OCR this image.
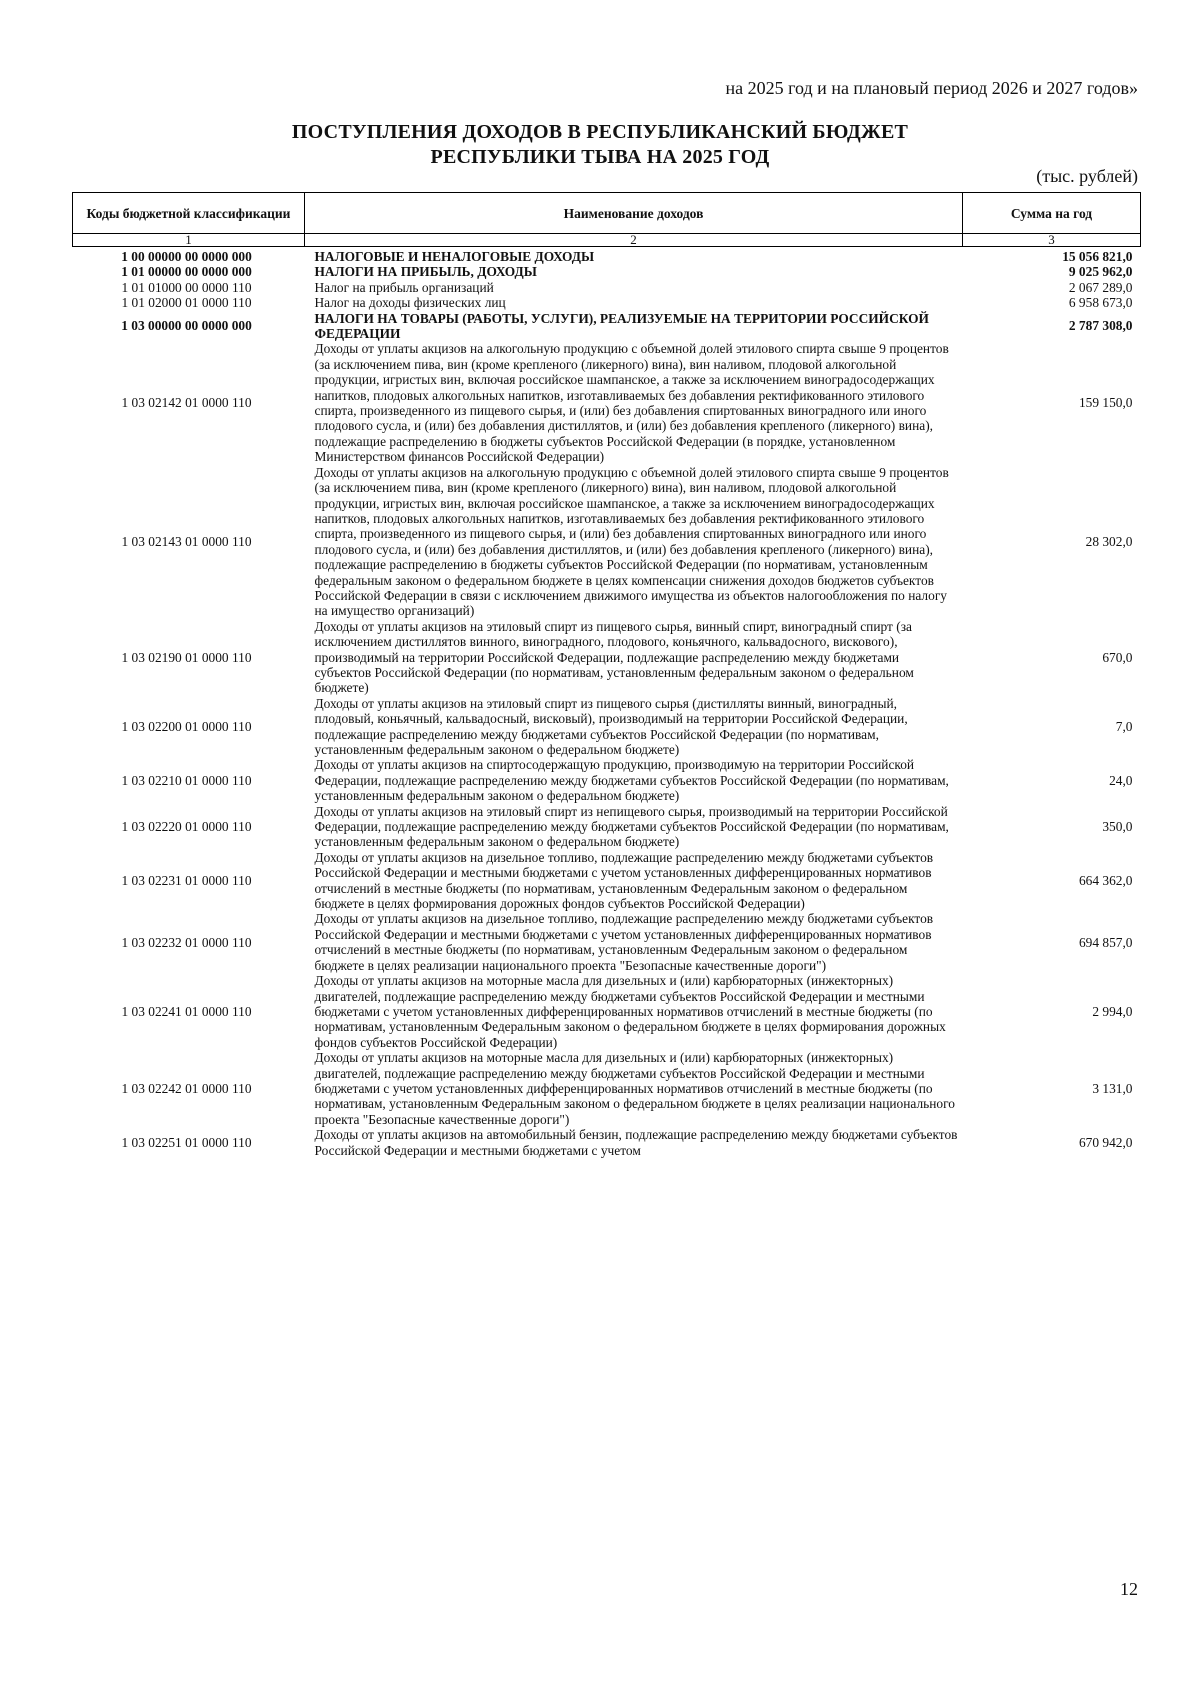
на 2025 год и на плановый период 2026 и 2027 годов»
ПОСТУПЛЕНИЯ ДОХОДОВ В РЕСПУБЛИКАНСКИЙ БЮДЖЕТ
РЕСПУБЛИКИ ТЫВА НА 2025 ГОД
(тыс. рублей)
Коды бюджетной классификации	Наименование доходов	Сумма на год
1	2	3
1 00 00000 00 0000 000	НАЛОГОВЫЕ И НЕНАЛОГОВЫЕ ДОХОДЫ	15 056 821,0
1 01 00000 00 0000 000	НАЛОГИ НА ПРИБЫЛЬ, ДОХОДЫ	9 025 962,0
1 01 01000 00 0000 110	Налог на прибыль организаций	2 067 289,0
1 01 02000 01 0000 110	Налог на доходы физических лиц	6 958 673,0
1 03 00000 00 0000 000	НАЛОГИ НА ТОВАРЫ (РАБОТЫ, УСЛУГИ), РЕАЛИЗУЕМЫЕ НА ТЕРРИТОРИИ РОССИЙСКОЙ ФЕДЕРАЦИИ	2 787 308,0
1 03 02142 01 0000 110	Доходы от уплаты акцизов на алкогольную продукцию с объемной долей этилового спирта свыше 9 процентов (за исключением пива, вин (кроме крепленого (ликерного) вина), вин наливом, плодовой алкогольной продукции, игристых вин, включая российское шампанское, а также за исключением виноградосодержащих напитков, плодовых алкогольных напитков, изготавливаемых без добавления ректификованного этилового спирта, произведенного из пищевого сырья, и (или) без добавления спиртованных виноградного или иного плодового сусла, и (или) без добавления дистиллятов, и (или) без добавления крепленого (ликерного) вина), подлежащие распределению в бюджеты субъектов Российской Федерации (в порядке, установленном Министерством финансов Российской Федерации)	159 150,0
1 03 02143 01 0000 110	Доходы от уплаты акцизов на алкогольную продукцию с объемной долей этилового спирта свыше 9 процентов (за исключением пива, вин (кроме крепленого (ликерного) вина), вин наливом, плодовой алкогольной продукции, игристых вин, включая российское шампанское, а также за исключением виноградосодержащих напитков, плодовых алкогольных напитков, изготавливаемых без добавления ректификованного этилового спирта, произведенного из пищевого сырья, и (или) без добавления спиртованных виноградного или иного плодового сусла, и (или) без добавления дистиллятов, и (или) без добавления крепленого (ликерного) вина), подлежащие распределению в бюджеты субъектов Российской Федерации (по нормативам, установленным федеральным законом о федеральном бюджете в целях компенсации снижения доходов бюджетов субъектов Российской Федерации в связи с исключением движимого имущества из объектов налогообложения по налогу на имущество организаций)	28 302,0
1 03 02190 01 0000 110	Доходы от уплаты акцизов на этиловый спирт из пищевого сырья, винный спирт, виноградный спирт (за исключением дистиллятов винного, виноградного, плодового, коньячного, кальвадосного, вискового), производимый на территории Российской Федерации, подлежащие распределению между бюджетами субъектов Российской Федерации (по нормативам, установленным федеральным законом о федеральном бюджете)	670,0
1 03 02200 01 0000 110	Доходы от уплаты акцизов на этиловый спирт из пищевого сырья (дистилляты винный, виноградный, плодовый, коньячный, кальвадосный, висковый), производимый на территории Российской Федерации, подлежащие распределению между бюджетами субъектов Российской Федерации (по нормативам, установленным федеральным законом о федеральном бюджете)	7,0
1 03 02210 01 0000 110	Доходы от уплаты акцизов на спиртосодержащую продукцию, производимую на территории Российской Федерации, подлежащие распределению между бюджетами субъектов Российской Федерации (по нормативам, установленным федеральным законом о федеральном бюджете)	24,0
1 03 02220 01 0000 110	Доходы от уплаты акцизов на этиловый спирт из непищевого сырья, производимый на территории Российской Федерации, подлежащие распределению между бюджетами субъектов Российской Федерации (по нормативам, установленным федеральным законом о федеральном бюджете)	350,0
1 03 02231 01 0000 110	Доходы от уплаты акцизов на дизельное топливо, подлежащие распределению между бюджетами субъектов Российской Федерации и местными бюджетами с учетом установленных дифференцированных нормативов отчислений в местные бюджеты (по нормативам, установленным Федеральным законом о федеральном бюджете в целях формирования дорожных фондов субъектов Российской Федерации)	664 362,0
1 03 02232 01 0000 110	Доходы от уплаты акцизов на дизельное топливо, подлежащие распределению между бюджетами субъектов Российской Федерации и местными бюджетами с учетом установленных дифференцированных нормативов отчислений в местные бюджеты (по нормативам, установленным Федеральным законом о федеральном бюджете в целях реализации национального проекта "Безопасные качественные дороги")	694 857,0
1 03 02241 01 0000 110	Доходы от уплаты акцизов на моторные масла для дизельных и (или) карбюраторных (инжекторных) двигателей, подлежащие распределению между бюджетами субъектов Российской Федерации и местными бюджетами с учетом установленных дифференцированных нормативов отчислений в местные бюджеты (по нормативам, установленным Федеральным законом о федеральном бюджете в целях формирования дорожных фондов субъектов Российской Федерации)	2 994,0
1 03 02242 01 0000 110	Доходы от уплаты акцизов на моторные масла для дизельных и (или) карбюраторных (инжекторных) двигателей, подлежащие распределению между бюджетами субъектов Российской Федерации и местными бюджетами с учетом установленных дифференцированных нормативов отчислений в местные бюджеты (по нормативам, установленным Федеральным законом о федеральном бюджете в целях реализации национального проекта "Безопасные качественные дороги")	3 131,0
1 03 02251 01 0000 110	Доходы от уплаты акцизов на автомобильный бензин, подлежащие распределению между бюджетами субъектов Российской Федерации и местными бюджетами с учетом	670 942,0
12
